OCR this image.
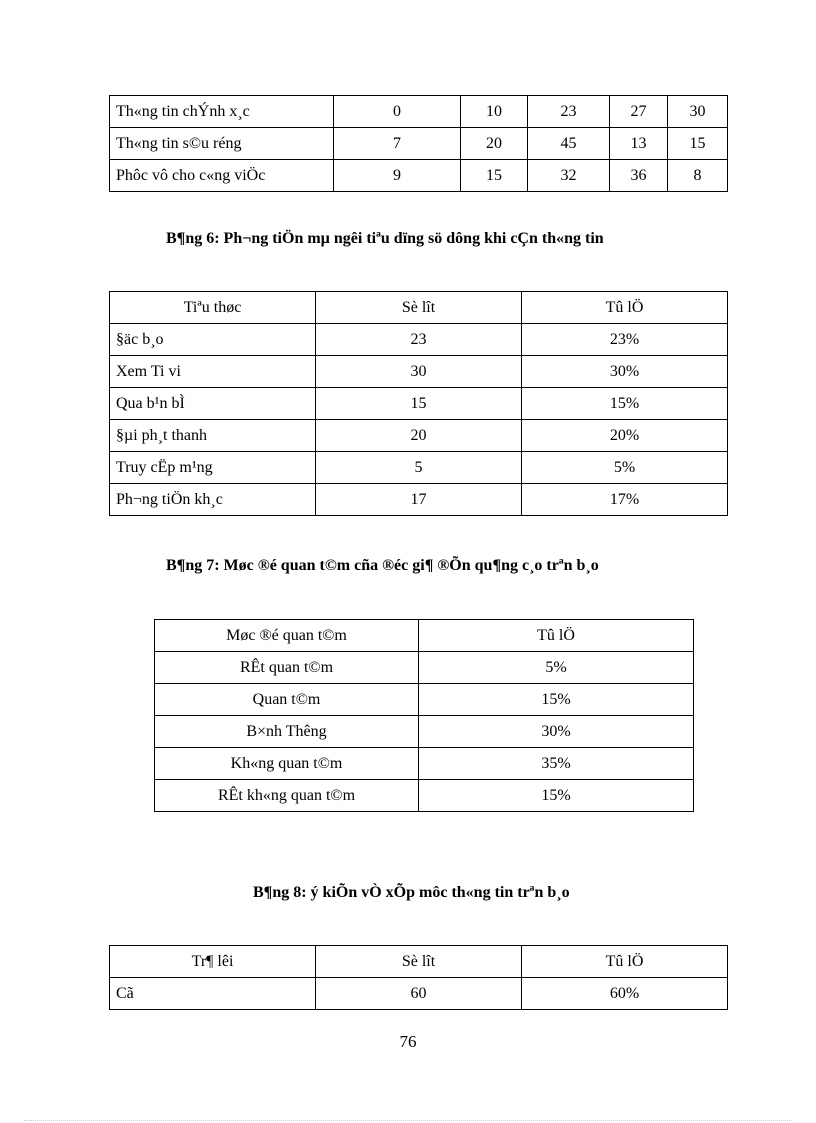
Th«ng tin chÝnh x¸c	0	10	23	27	30
Th«ng tin s©u réng	7	20	45	13	15
Phôc vô cho c«ng viÖc	9	15	32	36	8
B¶ng 6: Ph¬ng tiÖn mµ ngêi tiªu dïng sö dông khi cÇn th«ng tin
Tiªu thøc	Sè lît	Tû lÖ
§äc b¸o	23	23%
Xem Ti vi	30	30%
Qua b¹n bÌ	15	15%
§µi ph¸t thanh	20	20%
Truy cËp m¹ng	5	5%
Ph¬ng tiÖn kh¸c	17	17%
B¶ng 7: Møc ®é quan t©m cña ®éc gi¶ ®Õn qu¶ng c¸o trªn b¸o
Møc ®é quan t©m	Tû lÖ
RÊt quan t©m	5%
Quan t©m	15%
B×nh Thêng	30%
Kh«ng quan t©m	35%
RÊt kh«ng quan t©m	15%
B¶ng 8: ý kiÕn vÒ xÕp môc th«ng tin trªn b¸o
Tr¶ lêi	Sè lît	Tû lÖ
Cã	60	60%
76
